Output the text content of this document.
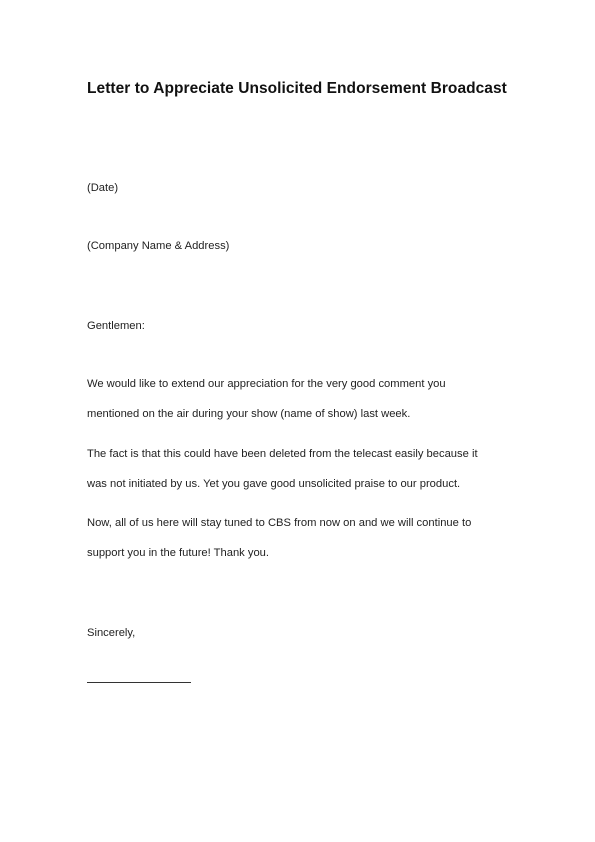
Letter to Appreciate Unsolicited Endorsement Broadcast
(Date)
(Company Name & Address)
Gentlemen:
We would like to extend our appreciation for the very good comment you
mentioned on the air during your show (name of show) last week.
The fact is that this could have been deleted from the telecast easily because it
was not initiated by us. Yet you gave good unsolicited praise to our product.
Now, all of us here will stay tuned to CBS from now on and we will continue to
support you in the future! Thank you.
Sincerely,
